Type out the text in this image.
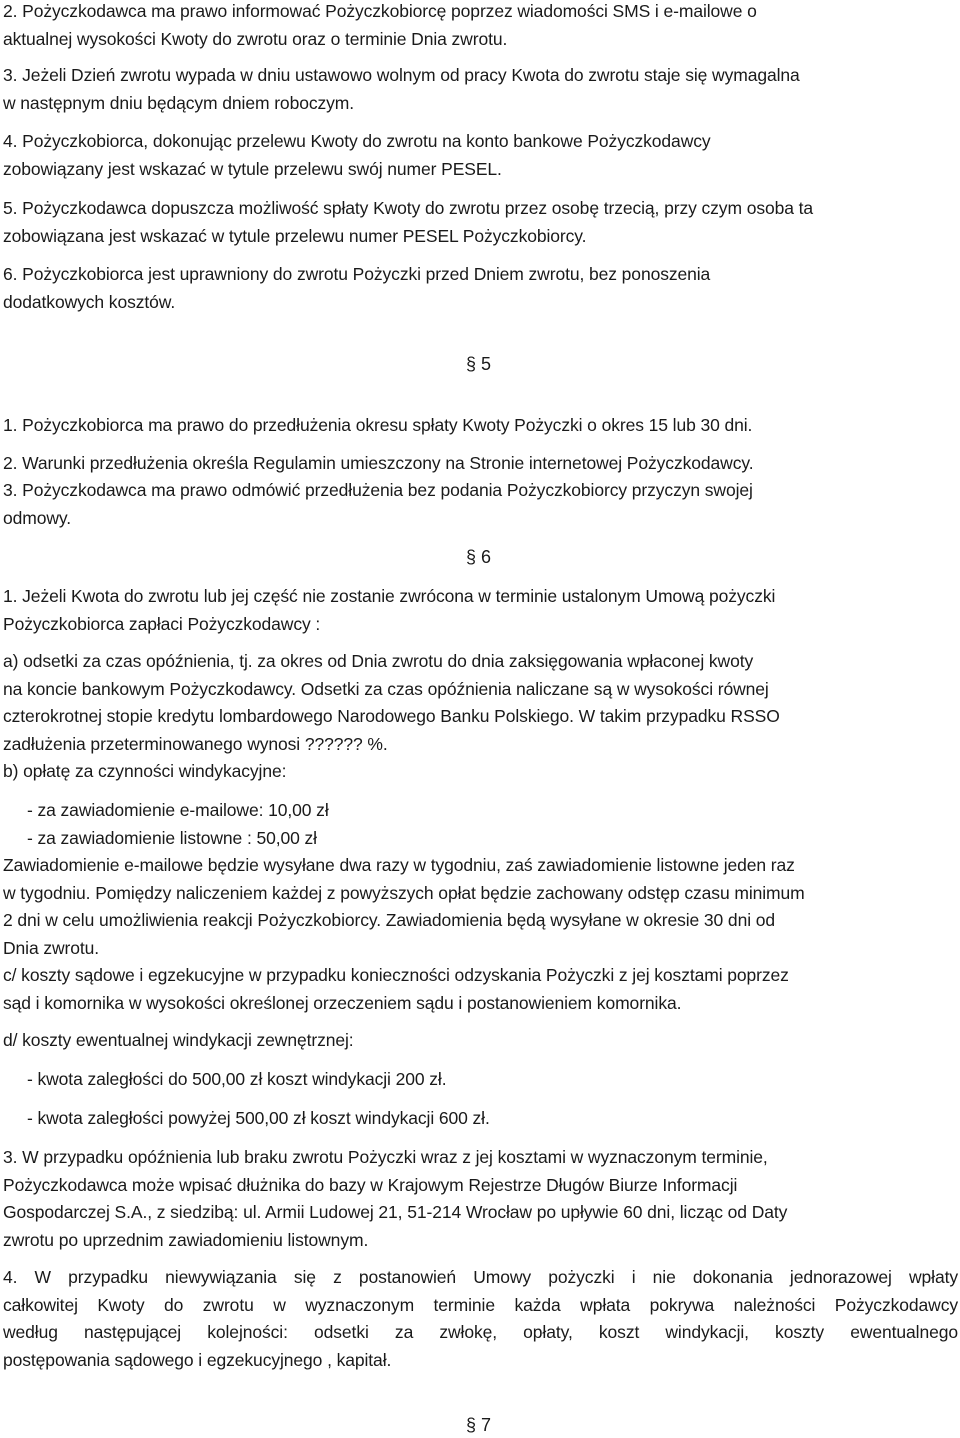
2. Pożyczkodawca ma prawo informować Pożyczkobiorcę poprzez wiadomości SMS i e-mailowe o
aktualnej wysokości Kwoty do zwrotu oraz o terminie Dnia zwrotu.
3. Jeżeli Dzień zwrotu wypada w dniu ustawowo wolnym od pracy Kwota do zwrotu staje się wymagalna
w następnym dniu będącym dniem roboczym.
4. Pożyczkobiorca, dokonując przelewu Kwoty do zwrotu na konto bankowe Pożyczkodawcy
zobowiązany jest wskazać w tytule przelewu swój numer PESEL.
5. Pożyczkodawca dopuszcza możliwość spłaty Kwoty do zwrotu przez osobę trzecią, przy czym osoba ta
zobowiązana jest wskazać w tytule przelewu numer PESEL Pożyczkobiorcy.
6. Pożyczkobiorca jest uprawniony do zwrotu Pożyczki przed Dniem zwrotu, bez ponoszenia
dodatkowych kosztów.
§ 5
1. Pożyczkobiorca ma prawo do przedłużenia okresu spłaty Kwoty Pożyczki o okres 15 lub 30 dni.
2. Warunki przedłużenia określa Regulamin umieszczony na Stronie internetowej Pożyczkodawcy.
3. Pożyczkodawca ma prawo odmówić przedłużenia bez podania Pożyczkobiorcy przyczyn swojej
odmowy.
§ 6
1. Jeżeli Kwota do zwrotu lub jej część nie zostanie zwrócona w terminie ustalonym Umową pożyczki
Pożyczkobiorca zapłaci Pożyczkodawcy :
a) odsetki za czas opóźnienia, tj. za okres od Dnia zwrotu do dnia zaksięgowania wpłaconej kwoty
na koncie bankowym Pożyczkodawcy. Odsetki za czas opóźnienia naliczane są w wysokości równej
czterokrotnej stopie kredytu lombardowego Narodowego Banku Polskiego. W takim przypadku RSSO
zadłużenia przeterminowanego wynosi ?????? %.
b) opłatę za czynności windykacyjne:
- za zawiadomienie e-mailowe: 10,00 zł
- za zawiadomienie listowne : 50,00 zł
Zawiadomienie e-mailowe będzie wysyłane dwa razy w tygodniu, zaś zawiadomienie listowne jeden raz
w tygodniu. Pomiędzy naliczeniem każdej z powyższych opłat będzie zachowany odstęp czasu minimum
2 dni w celu umożliwienia reakcji Pożyczkobiorcy. Zawiadomienia będą wysyłane w okresie 30 dni od
Dnia zwrotu.
c/ koszty sądowe i egzekucyjne w przypadku konieczności odzyskania Pożyczki z jej kosztami poprzez
sąd i komornika w wysokości określonej orzeczeniem sądu i postanowieniem komornika.
d/ koszty ewentualnej windykacji zewnętrznej:
- kwota zaległości do 500,00 zł koszt windykacji 200 zł.
- kwota zaległości powyżej 500,00 zł koszt windykacji 600 zł.
3. W przypadku opóźnienia lub braku zwrotu Pożyczki wraz z jej kosztami w wyznaczonym terminie,
Pożyczkodawca może wpisać dłużnika do bazy w Krajowym Rejestrze Długów Biurze Informacji
Gospodarczej S.A., z siedzibą: ul. Armii Ludowej 21, 51-214 Wrocław po upływie 60 dni, licząc od Daty
zwrotu po uprzednim zawiadomieniu listownym.
4. W przypadku niewywiązania się z postanowień Umowy pożyczki i nie dokonania jednorazowej wpłaty
całkowitej Kwoty do zwrotu w wyznaczonym terminie każda wpłata pokrywa należności Pożyczkodawcy
według następującej kolejności: odsetki za zwłokę, opłaty, koszt windykacji, koszty ewentualnego
postępowania sądowego i egzekucyjnego , kapitał.
§ 7
